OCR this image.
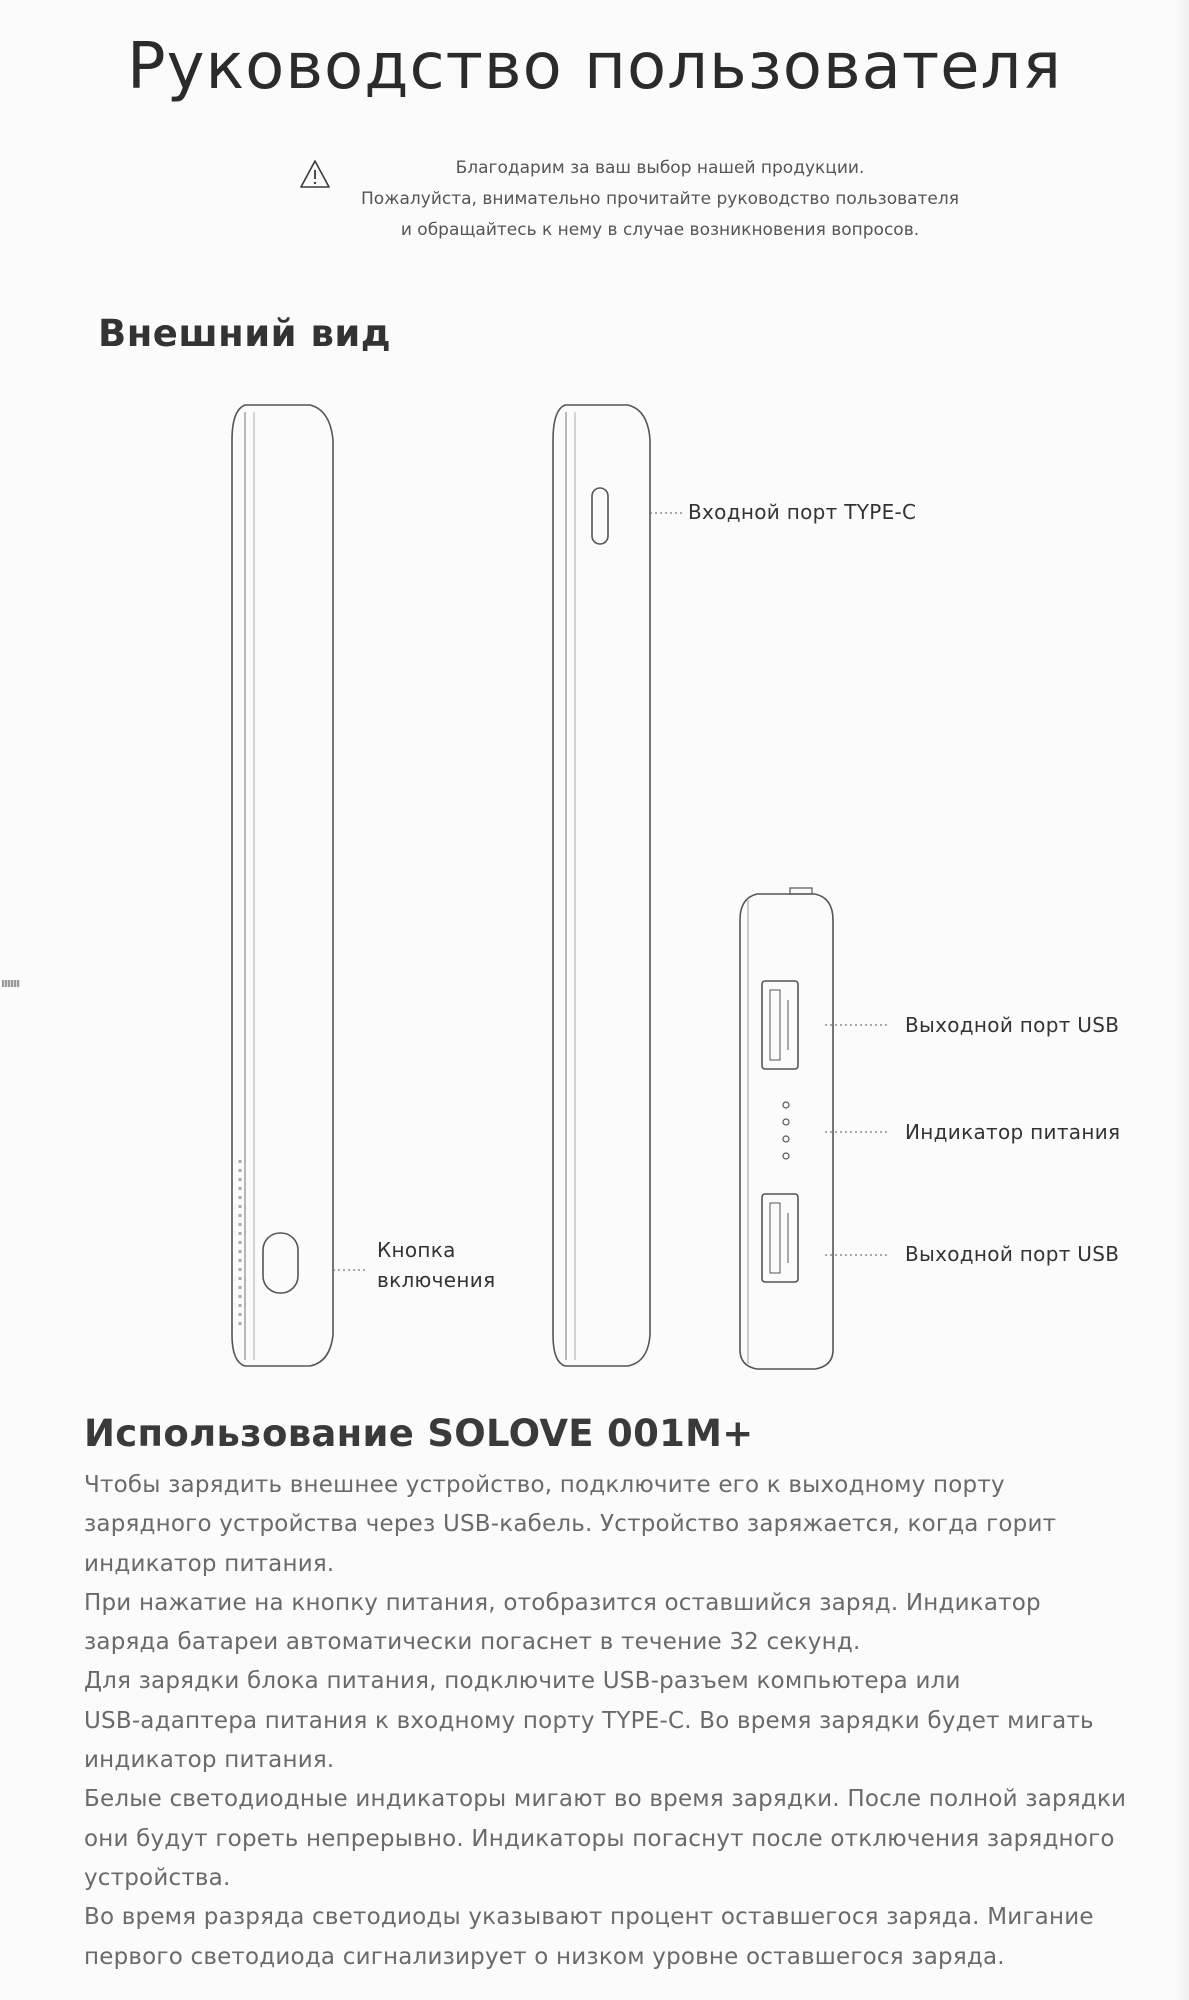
Руководство пользователя
Благодарим за ваш выбор нашей продукции.
Пожалуйста, внимательно прочитайте руководство пользователя
и обращайтесь к нему в случае возникновения вопросов.
Внешний вид
Входной порт TYPE-C
Кнопка
включения
Выходной порт USB
Индикатор питания
Выходной порт USB
Использование SOLOVE 001M+
Чтобы зарядить внешнее устройство, подключите его к выходному порту
зарядного устройства через USB-кабель. Устройство заряжается, когда горит
индикатор питания.
При нажатие на кнопку питания, отобразится оставшийся заряд. Индикатор
заряда батареи автоматически погаснет в течение 32 секунд.
Для зарядки блока питания, подключите USB-разъем компьютера или
USB-адаптера питания к входному порту TYPE-C. Во время зарядки будет мигать
индикатор питания.
Белые светодиодные индикаторы мигают во время зарядки. После полной зарядки
они будут гореть непрерывно. Индикаторы погаснут после отключения зарядного
устройства.
Во время разряда светодиоды указывают процент оставшегося заряда. Мигание
первого светодиода сигнализирует о низком уровне оставшегося заряда.
